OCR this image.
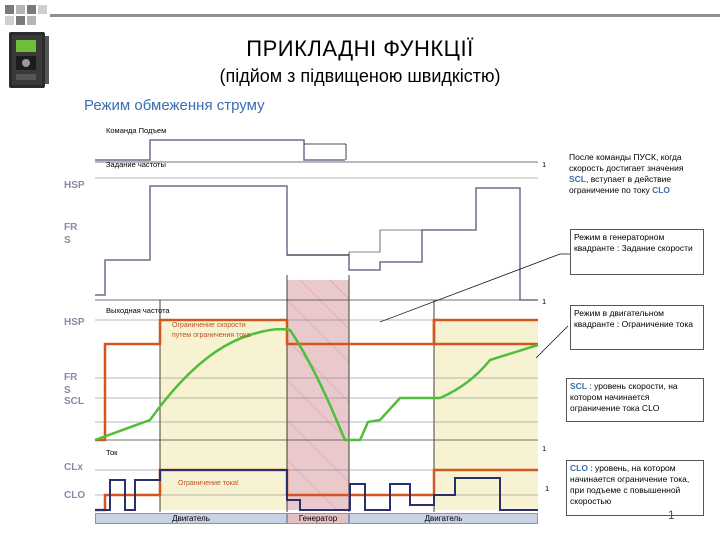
ПРИКЛАДНІ ФУНКЦІЇ
(підйом з підвищеною швидкістю)
Режим обмеження струму
HSP
FR
S
HSP
FR
S
SCL
CLx
CLO
Команда Подъем
Задание частоты
Выходная частота
Ток
Ограничение скорости
путем ограничения тока
Ограничение тока!
1
1
1
1
Двигатель	Генератор	Двигатель
После команды ПУСК, когда скорость достигает значения SCL, вступает в действие ограничение по току CLO
Режим в генераторном квадранте : Задание скорости
Режим в двигательном квадранте : Ограничение тока
SCL : уровень скорости, на котором начинается ограничение тока CLO
CLO : уровень, на котором начинается ограничение тока, при подъеме с повышенной скоростью
1
